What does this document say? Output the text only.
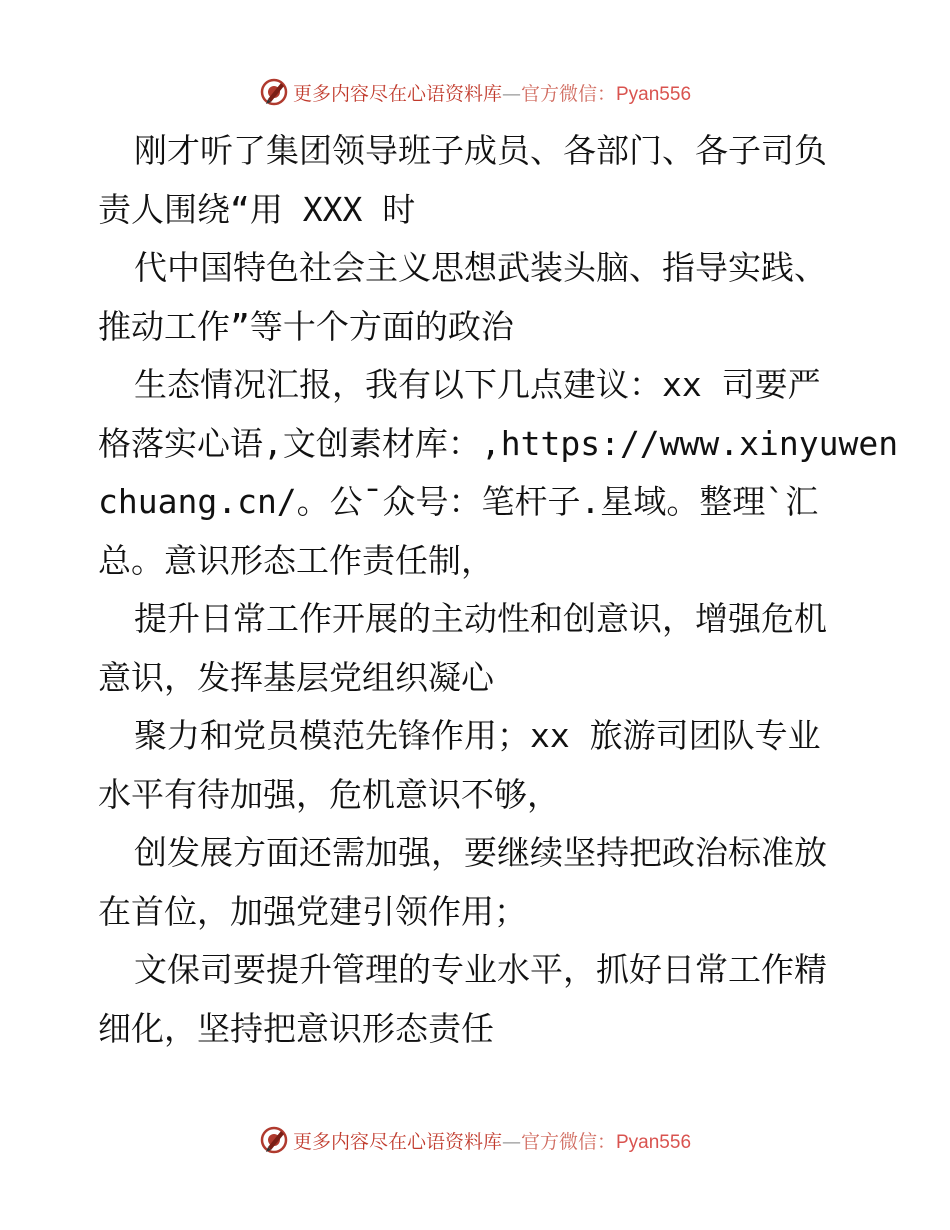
更多内容尽在心语资料库—官方微信：Pyan556
刚才听了集团领导班子成员、各部门、各子司负
责人围绕“用 XXX 时
代中国特色社会主义思想武装头脑、指导实践、
推动工作”等十个方面的政治
生态情况汇报，我有以下几点建议：xx 司要严
格落实心语,文创素材库：,https://www.xinyuwen
chuang.cn/。公¯众号：笔杆子.星域。整理`汇
总。意识形态工作责任制，
提升日常工作开展的主动性和创意识，增强危机
意识，发挥基层党组织凝心
聚力和党员模范先锋作用；xx 旅游司团队专业
水平有待加强，危机意识不够，
创发展方面还需加强，要继续坚持把政治标准放
在首位，加强党建引领作用；
文保司要提升管理的专业水平，抓好日常工作精
细化，坚持把意识形态责任
更多内容尽在心语资料库—官方微信：Pyan556
